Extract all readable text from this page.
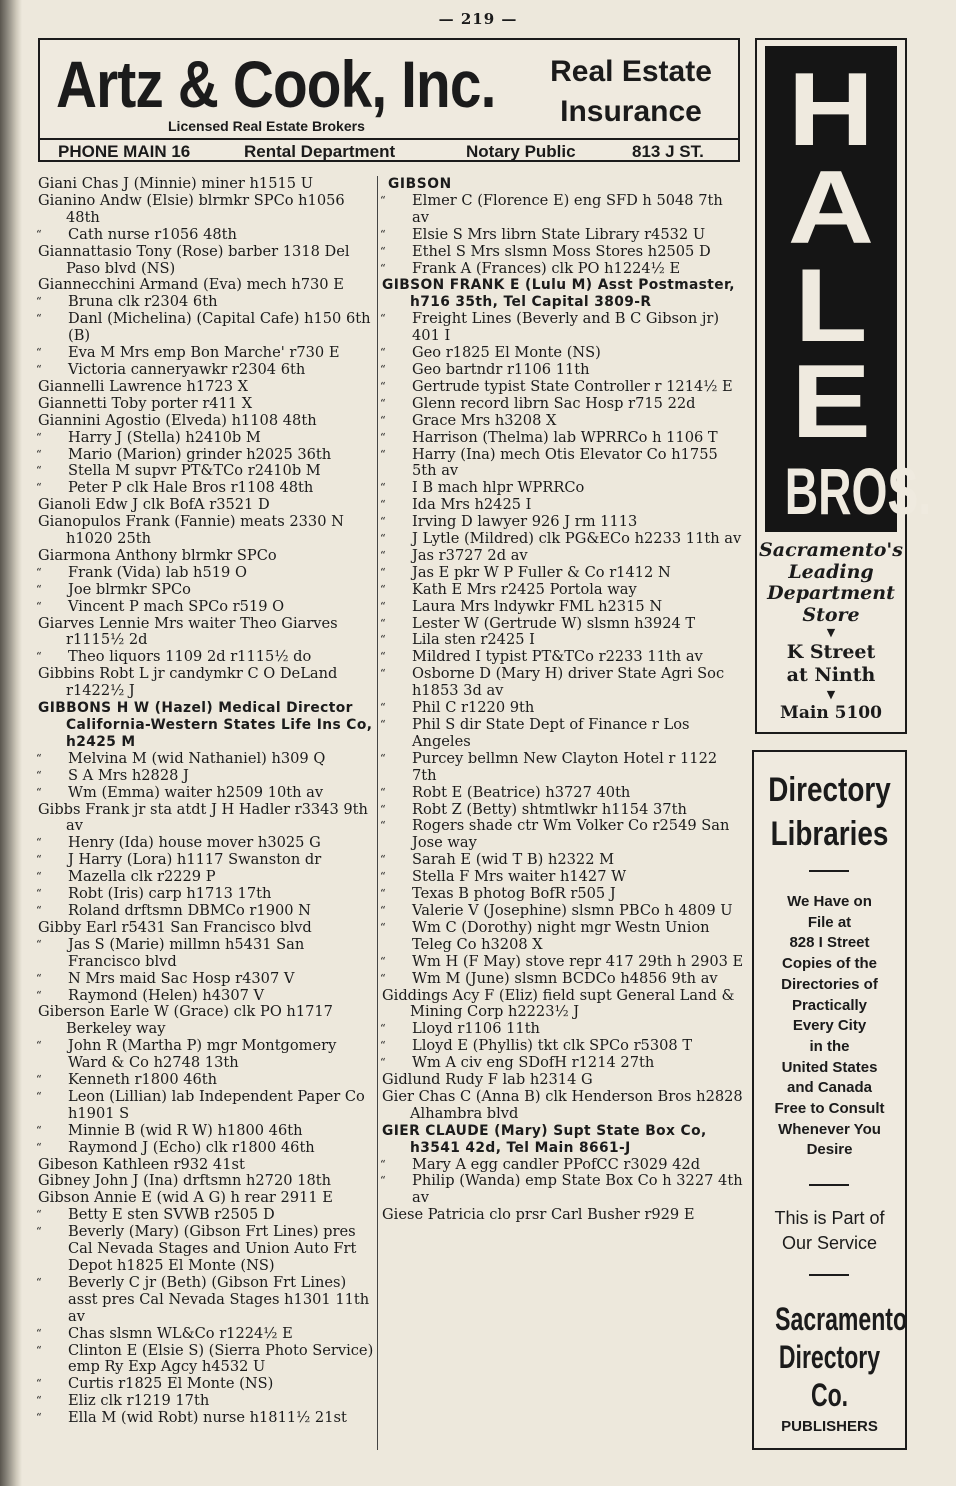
— 219 —
Artz & Cook, Inc.
Licensed Real Estate Brokers
Real Estate
Insurance
PHONE MAIN 16	Rental Department	Notary Public	813 J ST.
Giani Chas J (Minnie) miner h1515 U
Gianino Andw (Elsie) blrmkr SPCo h1056 48th
“ Cath nurse r1056 48th
Giannattasio Tony (Rose) barber 1318 Del Paso blvd (NS)
Giannecchini Armand (Eva) mech h730 E
“ Bruna clk r2304 6th
“ Danl (Michelina) (Capital Cafe) h150 6th (B)
“ Eva M Mrs emp Bon Marche' r730 E
“ Victoria canneryawkr r2304 6th
Giannelli Lawrence h1723 X
Giannetti Toby porter r411 X
Giannini Agostio (Elveda) h1108 48th
“ Harry J (Stella) h2410b M
“ Mario (Marion) grinder h2025 36th
“ Stella M supvr PT&TCo r2410b M
“ Peter P clk Hale Bros r1108 48th
Gianoli Edw J clk BofA r3521 D
Gianopulos Frank (Fannie) meats 2330 N h1020 25th
Giarmona Anthony blrmkr SPCo
“ Frank (Vida) lab h519 O
“ Joe blrmkr SPCo
“ Vincent P mach SPCo r519 O
Giarves Lennie Mrs waiter Theo Giarves r1115½ 2d
“ Theo liquors 1109 2d r1115½ do
Gibbins Robt L jr candymkr C O DeLand r1422½ J
GIBBONS H W (Hazel) Medical Director California-Western States Life Ins Co, h2425 M
“ Melvina M (wid Nathaniel) h309 Q
“ S A Mrs h2828 J
“ Wm (Emma) waiter h2509 10th av
Gibbs Frank jr sta atdt J H Hadler r3343 9th av
“ Henry (Ida) house mover h3025 G
“ J Harry (Lora) h1117 Swanston dr
“ Mazella clk r2229 P
“ Robt (Iris) carp h1713 17th
“ Roland drftsmn DBMCo r1900 N
Gibby Earl r5431 San Francisco blvd
“ Jas S (Marie) millmn h5431 San Francisco blvd
“ N Mrs maid Sac Hosp r4307 V
“ Raymond (Helen) h4307 V
Giberson Earle W (Grace) clk PO h1717 Berkeley way
“ John R (Martha P) mgr Montgomery Ward & Co h2748 13th
“ Kenneth r1800 46th
“ Leon (Lillian) lab Independent Paper Co h1901 S
“ Minnie B (wid R W) h1800 46th
“ Raymond J (Echo) clk r1800 46th
Gibeson Kathleen r932 41st
Gibney John J (Ina) drftsmn h2720 18th
Gibson Annie E (wid A G) h rear 2911 E
“ Betty E sten SVWB r2505 D
“ Beverly (Mary) (Gibson Frt Lines) pres Cal Nevada Stages and Union Auto Frt Depot h1825 El Monte (NS)
“ Beverly C jr (Beth) (Gibson Frt Lines) asst pres Cal Nevada Stages h1301 11th av
“ Chas slsmn WL&Co r1224½ E
“ Clinton E (Elsie S) (Sierra Photo Service) emp Ry Exp Agcy h4532 U
“ Curtis r1825 El Monte (NS)
“ Eliz clk r1219 17th
“ Ella M (wid Robt) nurse h1811½ 21st
GIBSON
“ Elmer C (Florence E) eng SFD h 5048 7th av
“ Elsie S Mrs librn State Library r4532 U
“ Ethel S Mrs slsmn Moss Stores h2505 D
“ Frank A (Frances) clk PO h1224½ E
GIBSON FRANK E (Lulu M) Asst Postmaster, h716 35th, Tel Capital 3809-R
“ Freight Lines (Beverly and B C Gibson jr) 401 I
“ Geo r1825 El Monte (NS)
“ Geo bartndr r1106 11th
“ Gertrude typist State Controller r 1214½ E
“ Glenn record librn Sac Hosp r715 22d
“ Grace Mrs h3208 X
“ Harrison (Thelma) lab WPRRCo h 1106 T
“ Harry (Ina) mech Otis Elevator Co h1755 5th av
“ I B mach hlpr WPRRCo
“ Ida Mrs h2425 I
“ Irving D lawyer 926 J rm 1113
“ J Lytle (Mildred) clk PG&ECo h2233 11th av
“ Jas r3727 2d av
“ Jas E pkr W P Fuller & Co r1412 N
“ Kath E Mrs r2425 Portola way
“ Laura Mrs lndywkr FML h2315 N
“ Lester W (Gertrude W) slsmn h3924 T
“ Lila sten r2425 I
“ Mildred I typist PT&TCo r2233 11th av
“ Osborne D (Mary H) driver State Agri Soc h1853 3d av
“ Phil C r1220 9th
“ Phil S dir State Dept of Finance r Los Angeles
“ Purcey bellmn New Clayton Hotel r 1122 7th
“ Robt E (Beatrice) h3727 40th
“ Robt Z (Betty) shtmtlwkr h1154 37th
“ Rogers shade ctr Wm Volker Co r2549 San Jose way
“ Sarah E (wid T B) h2322 M
“ Stella F Mrs waiter h1427 W
“ Texas B photog BofR r505 J
“ Valerie V (Josephine) slsmn PBCo h 4809 U
“ Wm C (Dorothy) night mgr Westn Union Teleg Co h3208 X
“ Wm H (F May) stove repr 417 29th h 2903 E
“ Wm M (June) slsmn BCDCo h4856 9th av
Giddings Acy F (Eliz) field supt General Land & Mining Corp h2223½ J
“ Lloyd r1106 11th
“ Lloyd E (Phyllis) tkt clk SPCo r5308 T
“ Wm A civ eng SDofH r1214 27th
Gidlund Rudy F lab h2314 G
Gier Chas C (Anna B) clk Henderson Bros h2828 Alhambra blvd
GIER CLAUDE (Mary) Supt State Box Co, h3541 42d, Tel Main 8661-J
“ Mary A egg candler PPofCC r3029 42d
“ Philip (Wanda) emp State Box Co h 3227 4th av
Giese Patricia clo prsr Carl Busher r929 E
H
A
L
E
BROS.
Sacramento's
Leading
Department
Store
▼
K Street
at Ninth
▼
Main 5100
Directory
Libraries
We Have on
File at
828 I Street
Copies of the
Directories of
Practically
Every City
in the
United States
and Canada
Free to Consult
Whenever You
Desire
This is Part of
Our Service
Sacramento
Directory
Co.
PUBLISHERS
